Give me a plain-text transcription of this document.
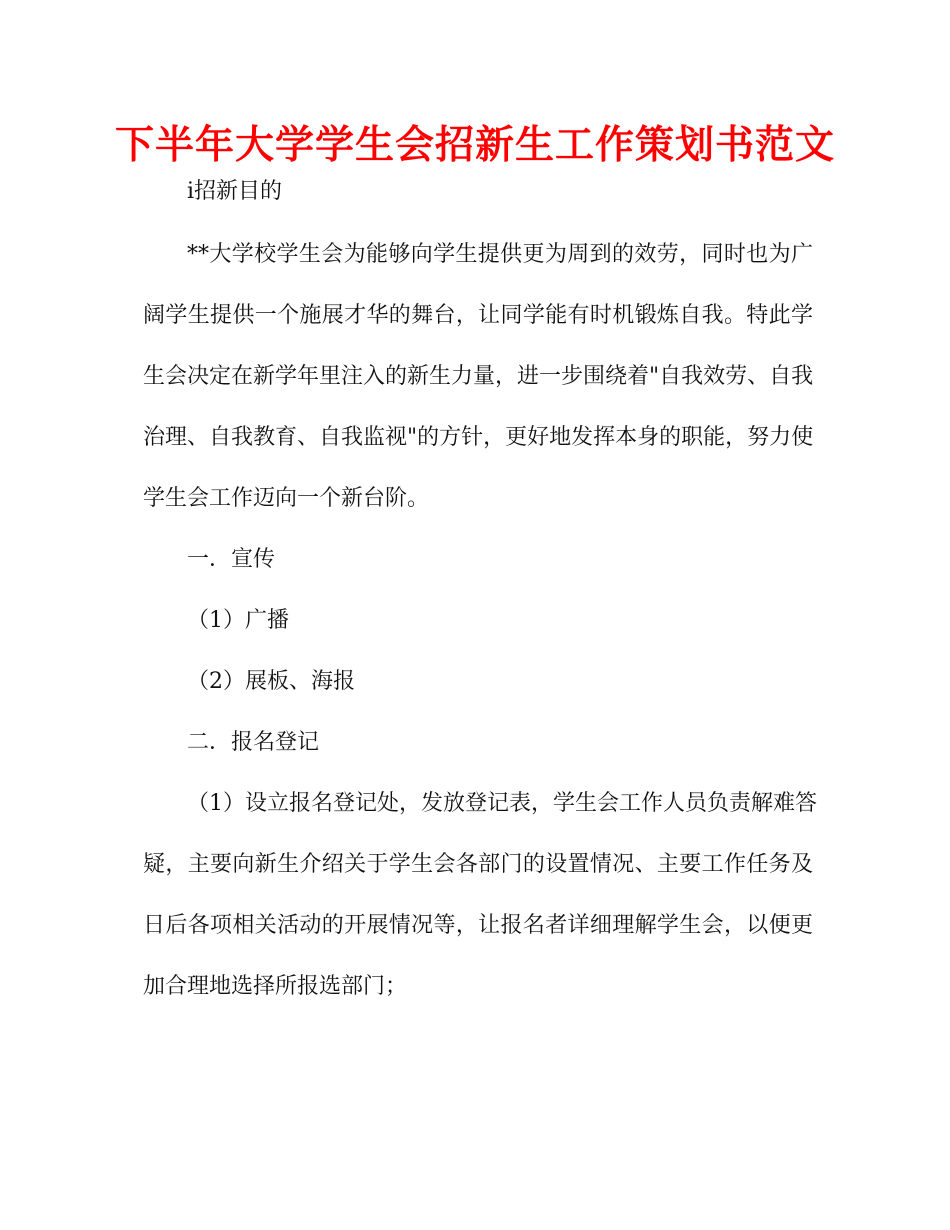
下半年大学学生会招新生工作策划书范文

ⅰ招新目的

**大学校学生会为能够向学生提供更为周到的效劳，同时也为广

阔学生提供一个施展才华的舞台，让同学能有时机锻炼自我。特此学

生会决定在新学年里注入的新生力量，进一步围绕着"自我效劳、自我

治理、自我教育、自我监视"的方针，更好地发挥本身的职能，努力使

学生会工作迈向一个新台阶。

一．宣传

（1）广播

（2）展板、海报

二．报名登记

（1）设立报名登记处，发放登记表，学生会工作人员负责解难答

疑，主要向新生介绍关于学生会各部门的设置情况、主要工作任务及

日后各项相关活动的开展情况等，让报名者详细理解学生会，以便更

加合理地选择所报选部门；
